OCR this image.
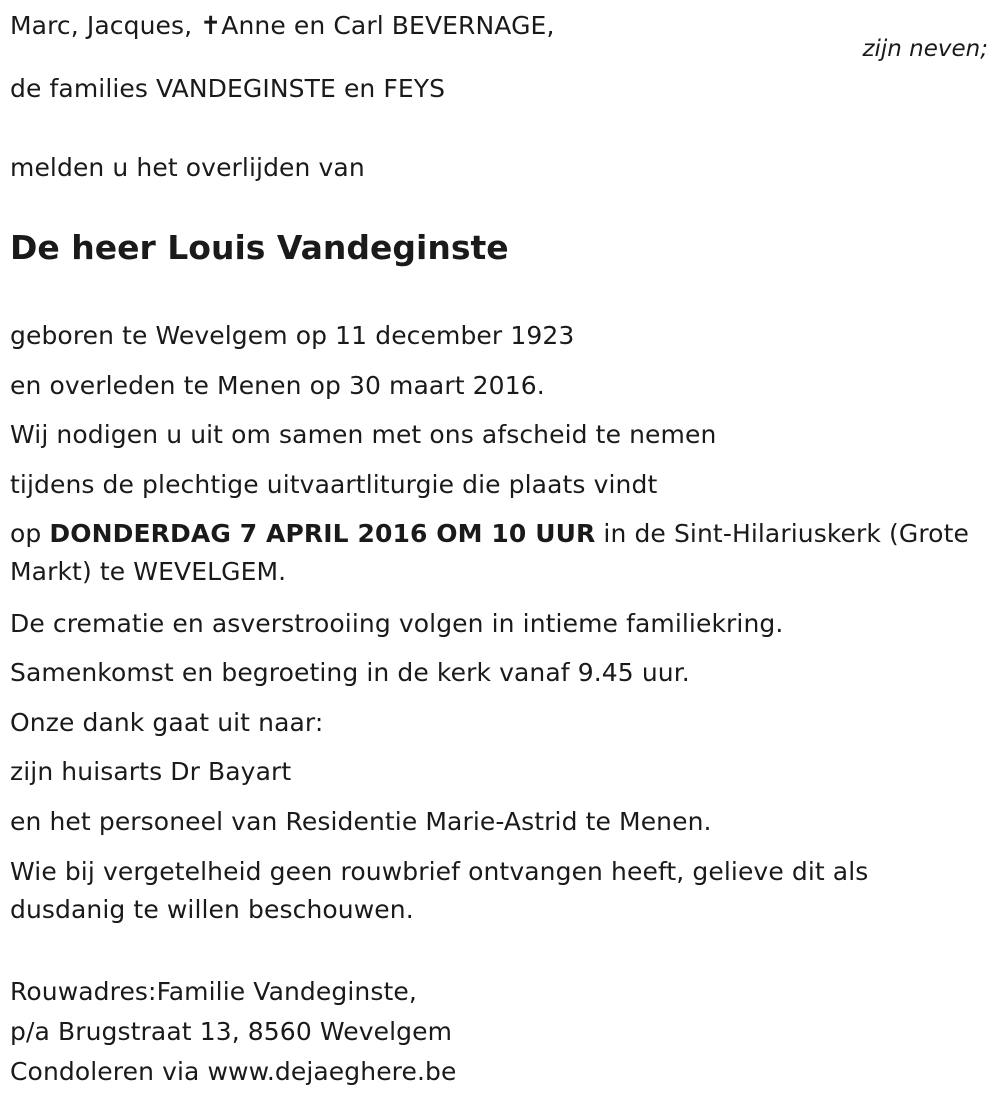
Marc, Jacques, ✝Anne en Carl BEVERNAGE,
zijn neven;
de families VANDEGINSTE en FEYS
melden u het overlijden van
De heer Louis Vandeginste
geboren te Wevelgem op 11 december 1923
en overleden te Menen op 30 maart 2016.
Wij nodigen u uit om samen met ons afscheid te nemen
tijdens de plechtige uitvaartliturgie die plaats vindt
op DONDERDAG 7 APRIL 2016 OM 10 UUR in de Sint-Hilariuskerk (Grote Markt) te WEVELGEM.
De crematie en asverstrooiing volgen in intieme familiekring.
Samenkomst en begroeting in de kerk vanaf 9.45 uur.
Onze dank gaat uit naar:
zijn huisarts Dr Bayart
en het personeel van Residentie Marie-Astrid te Menen.
Wie bij vergetelheid geen rouwbrief ontvangen heeft, gelieve dit als dusdanig te willen beschouwen.
Rouwadres:Familie Vandeginste,
p/a Brugstraat 13, 8560 Wevelgem
Condoleren via www.dejaeghere.be
